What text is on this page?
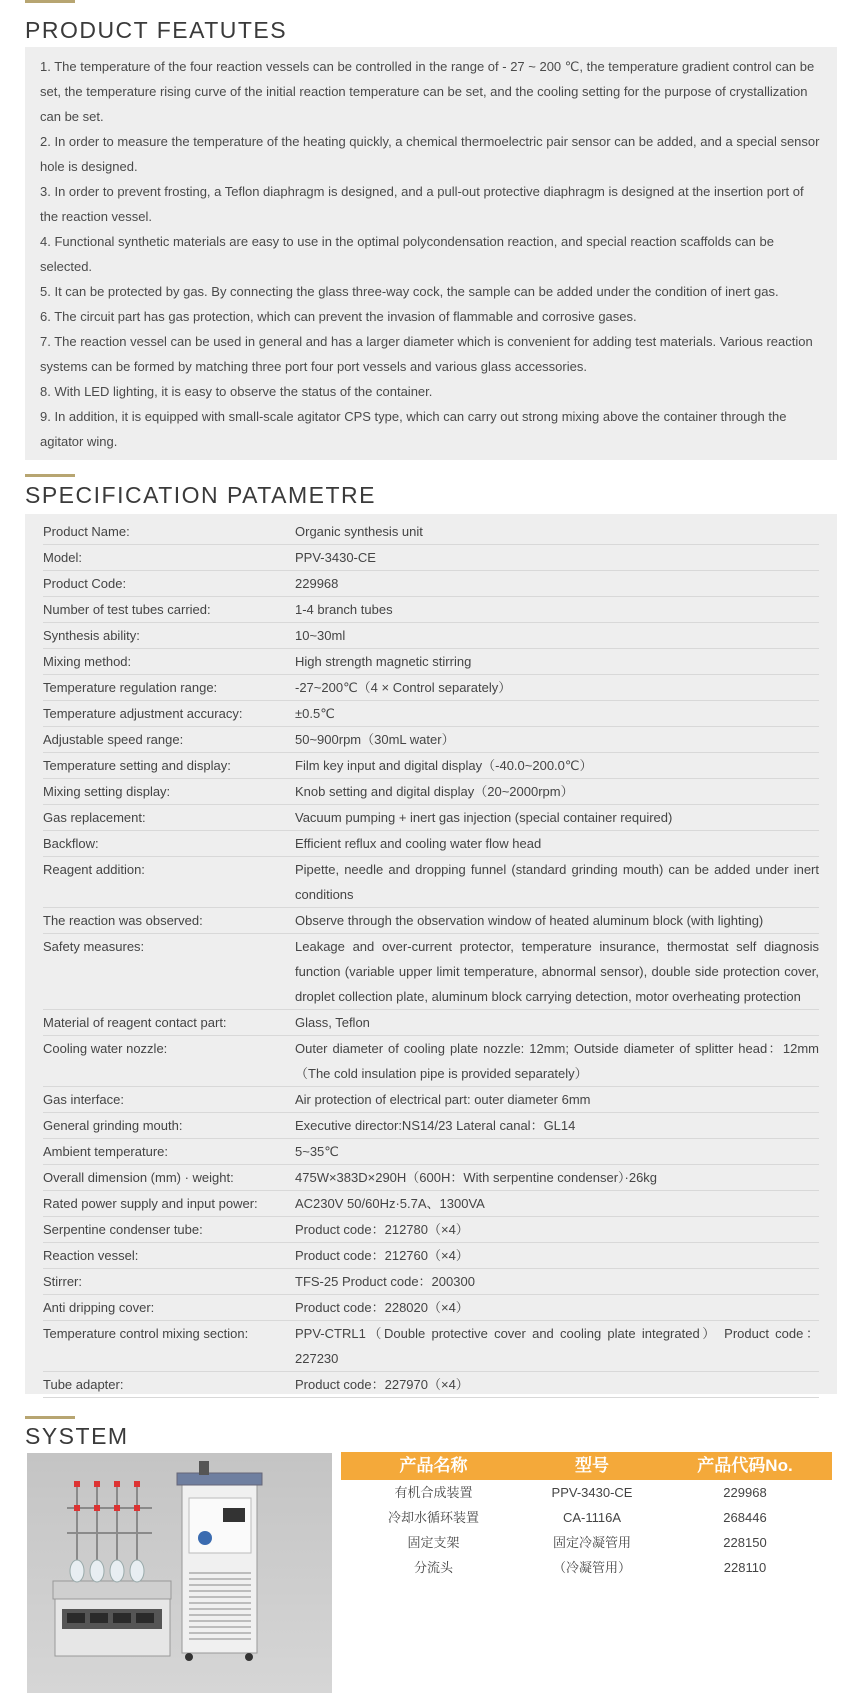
PRODUCT FEATUTES

1. The temperature of the four reaction vessels can be controlled in the range of - 27 ~ 200 ℃, the temperature gradient control can be set, the temperature rising curve of the initial reaction temperature can be set, and the cooling setting for the purpose of crystallization can be set.

2. In order to measure the temperature of the heating quickly, a chemical thermoelectric pair sensor can be added, and a special sensor hole is designed.

3. In order to prevent frosting, a Teflon diaphragm is designed, and a pull-out protective diaphragm is designed at the insertion port of the reaction vessel.

4. Functional synthetic materials are easy to use in the optimal polycondensation reaction, and special reaction scaffolds can be selected.

5. It can be protected by gas. By connecting the glass three-way cock, the sample can be added under the condition of inert gas.

6. The circuit part has gas protection, which can prevent the invasion of flammable and corrosive gases.

7. The reaction vessel can be used in general and has a larger diameter which is convenient for adding test materials. Various reaction systems can be formed by matching three port four port vessels and various glass accessories.

8. With LED lighting, it is easy to observe the status of the container.

9. In addition, it is equipped with small-scale agitator CPS type, which can carry out strong mixing above the container through the agitator wing.

SPECIFICATION PATAMETRE
Product Name:	Organic synthesis unit
Model:	PPV-3430-CE
Product Code:	229968
Number of test tubes carried:	1-4 branch tubes
Synthesis ability:	10~30ml
Mixing method:	High strength magnetic stirring
Temperature regulation range:	-27~200℃（4 × Control separately）
Temperature adjustment accuracy:	±0.5℃
Adjustable speed range:	50~900rpm（30mL water）
Temperature setting and display:	Film key input and digital display（-40.0~200.0℃）
Mixing setting display:	Knob setting and digital display（20~2000rpm）
Gas replacement:	Vacuum pumping + inert gas injection (special container required)
Backflow:	Efficient reflux and cooling water flow head
Reagent addition:	Pipette, needle and dropping funnel (standard grinding mouth) can be added under inert conditions
The reaction was observed:	Observe through the observation window of heated aluminum block (with lighting)
Safety measures:	Leakage and over-current protector, temperature insurance, thermostat self diagnosis function (variable upper limit temperature, abnormal sensor), double side protection cover, droplet collection plate, aluminum block carrying detection, motor overheating protection
Material of reagent contact part:	Glass, Teflon
Cooling water nozzle:	Outer diameter of cooling plate nozzle: 12mm; Outside diameter of splitter head：12mm（The cold insulation pipe is provided separately）
Gas interface:	Air protection of electrical part: outer diameter 6mm
General grinding mouth:	Executive director:NS14/23 Lateral canal：GL14
Ambient temperature:	5~35℃
Overall dimension (mm) · weight:	475W×383D×290H（600H：With serpentine condenser）·26kg
Rated power supply and input power:	AC230V 50/60Hz·5.7A、1300VA
Serpentine condenser tube:	Product code：212780（×4）
Reaction vessel:	Product code：212760（×4）
Stirrer:	TFS-25 Product code：200300
Anti dripping cover:	Product code：228020（×4）
Temperature control mixing section:	PPV-CTRL1（Double protective cover and cooling plate integrated） Product code：227230
Tube adapter:	Product code：227970（×4）
SYSTEM
产品名称	型号	产品代码No.
有机合成装置	PPV-3430-CE	229968
冷却水循环装置	CA-1116A	268446
固定支架	固定冷凝管用	228150
分流头	（冷凝管用）	228110
